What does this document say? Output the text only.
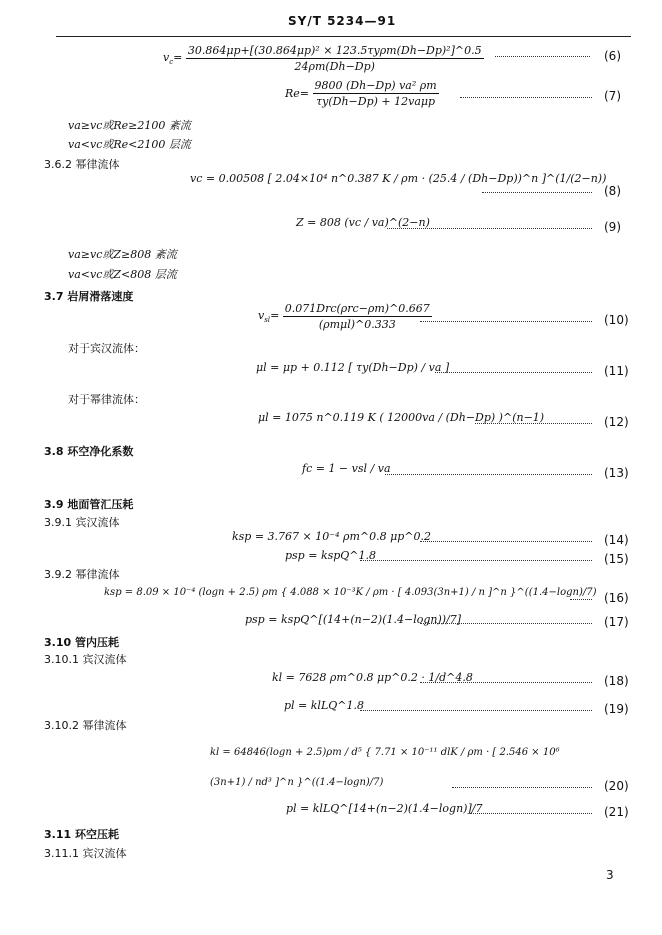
SY/T 5234—91
$v_c= \frac{\text{30.864μp+[(30.864μp)² × 123.5τyρm(Dh−Dp)²]\textasciicircum{}0.5}}{24\rho m(Dh-Dp)}$	(6)
$Re= \frac{\text{9800 (Dh−Dp) va² ρm}}{\text{τy(Dh−Dp) + 12vaμp}}$	(7)
va≥vc或Re≥2100 紊流
va<vc或Re<2100 层流
3.6.2 幂律流体
vc = 0.00508 [ 2.04×10⁴ n^0.387 K / ρm · (25.4 / (Dh−Dp))^n ]^(1/(2−n))
(8)
Z = 808 (vc / va)^(2−n)	(9)
va≥vc或Z≥808 紊流
va<vc或Z<808 层流
3.7 岩屑滑落速度
$v_{sl}= \frac{\text{0.071Drc(ρrc−ρm)\textasciicircum{}0.667}}{\text{(ρmμl)\textasciicircum{}0.333}}$	(10)
对于宾汉流体：
μl = μp + 0.112 [ τy(Dh−Dp) / va ]	(11)
对于幂律流体：
μl = 1075 n^0.119 K ( 12000va / (Dh−Dp) )^(n−1)	(12)
3.8 环空净化系数
fc = 1 − vsl / va	(13)
3.9 地面管汇压耗
3.9.1 宾汉流体
ksp = 3.767 × 10⁻⁴ ρm^0.8 μp^0.2	(14)
psp = kspQ^1.8	(15)
3.9.2 幂律流体
ksp = 8.09 × 10⁻⁴ (logn + 2.5) ρm { 4.088 × 10⁻³K / ρm · [ 4.093(3n+1) / n ]^n }^((1.4−logn)/7) (16)
psp = kspQ^[(14+(n−2)(1.4−logn))/7]	(17)
3.10 管内压耗
3.10.1 宾汉流体
kl = 7628 ρm^0.8 μp^0.2 · 1/d^4.8	(18)
pl = klLQ^1.8	(19)
3.10.2 幂律流体
kl = 64846(logn + 2.5)ρm / d⁵ { 7.71 × 10⁻¹¹ dlK / ρm · [ 2.546 × 10⁶ (3n+1) / nd³ ]^n }^((1.4−logn)/7)	(20)
pl = klLQ^[14+(n−2)(1.4−logn)]/7	(21)
3.11 环空压耗
3.11.1 宾汉流体
3
